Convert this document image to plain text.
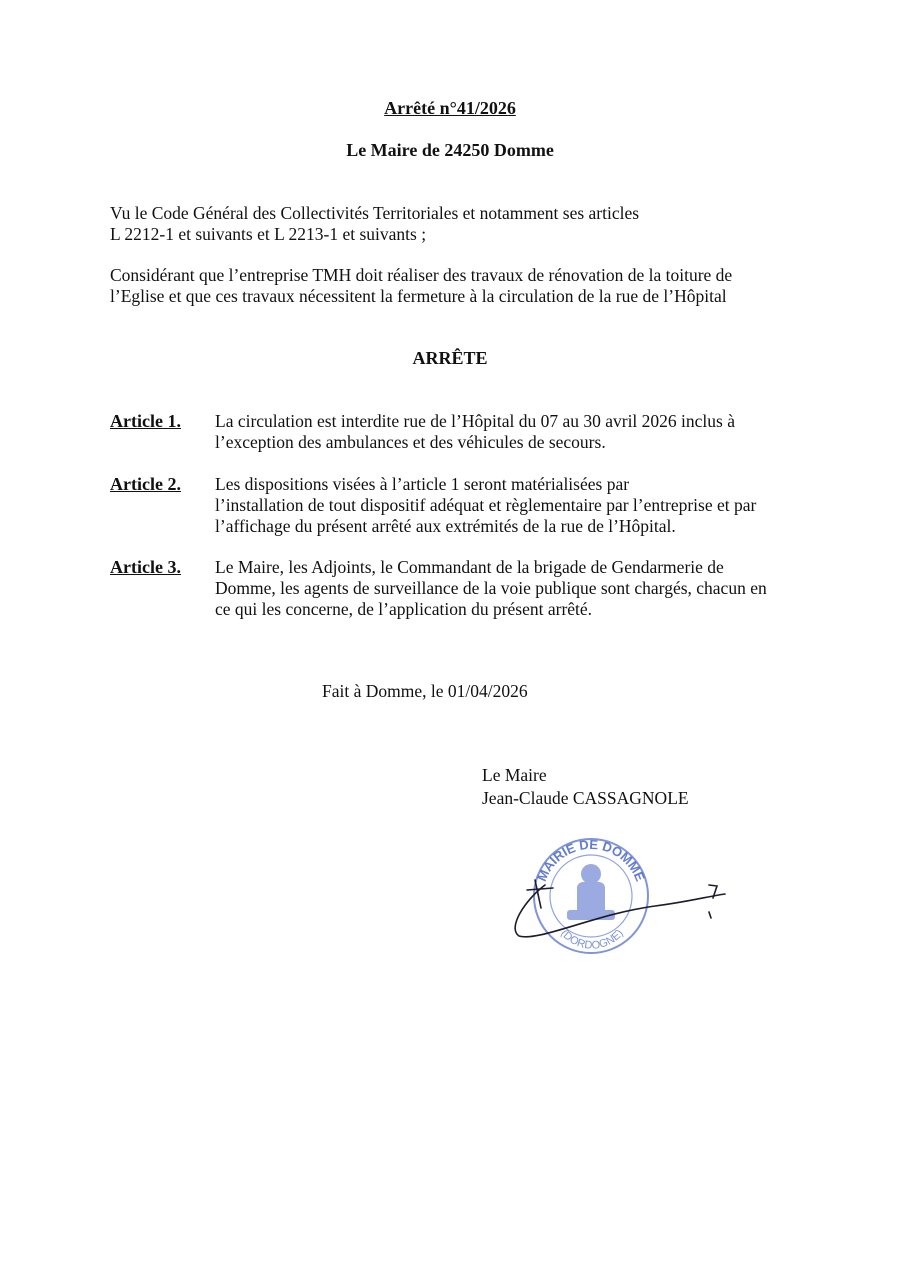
Arrêté n°41/2026
Le Maire de 24250 Domme
Vu le Code Général des Collectivités Territoriales et notamment ses articles
L 2212-1 et suivants et L 2213-1 et suivants ;
Considérant que l’entreprise TMH doit réaliser des travaux de rénovation de la toiture de
l’Eglise et que ces travaux nécessitent la fermeture à la circulation de la rue de l’Hôpital
ARRÊTE
Article 1. La circulation est interdite rue de l’Hôpital du 07 au 30 avril 2026 inclus à
l’exception des ambulances et des véhicules de secours.
Article 2. Les dispositions visées à l’article 1 seront matérialisées par
l’installation de tout dispositif adéquat et règlementaire par l’entreprise et par
l’affichage du présent arrêté aux extrémités de la rue de l’Hôpital.
Article 3. Le Maire, les Adjoints, le Commandant de la brigade de Gendarmerie de
Domme, les agents de surveillance de la voie publique sont chargés, chacun en
ce qui les concerne, de l’application du présent arrêté.
Fait à Domme, le 01/04/2026
Le Maire
Jean-Claude CASSAGNOLE
MAIRIE DE DOMME
(DORDOGNE)
